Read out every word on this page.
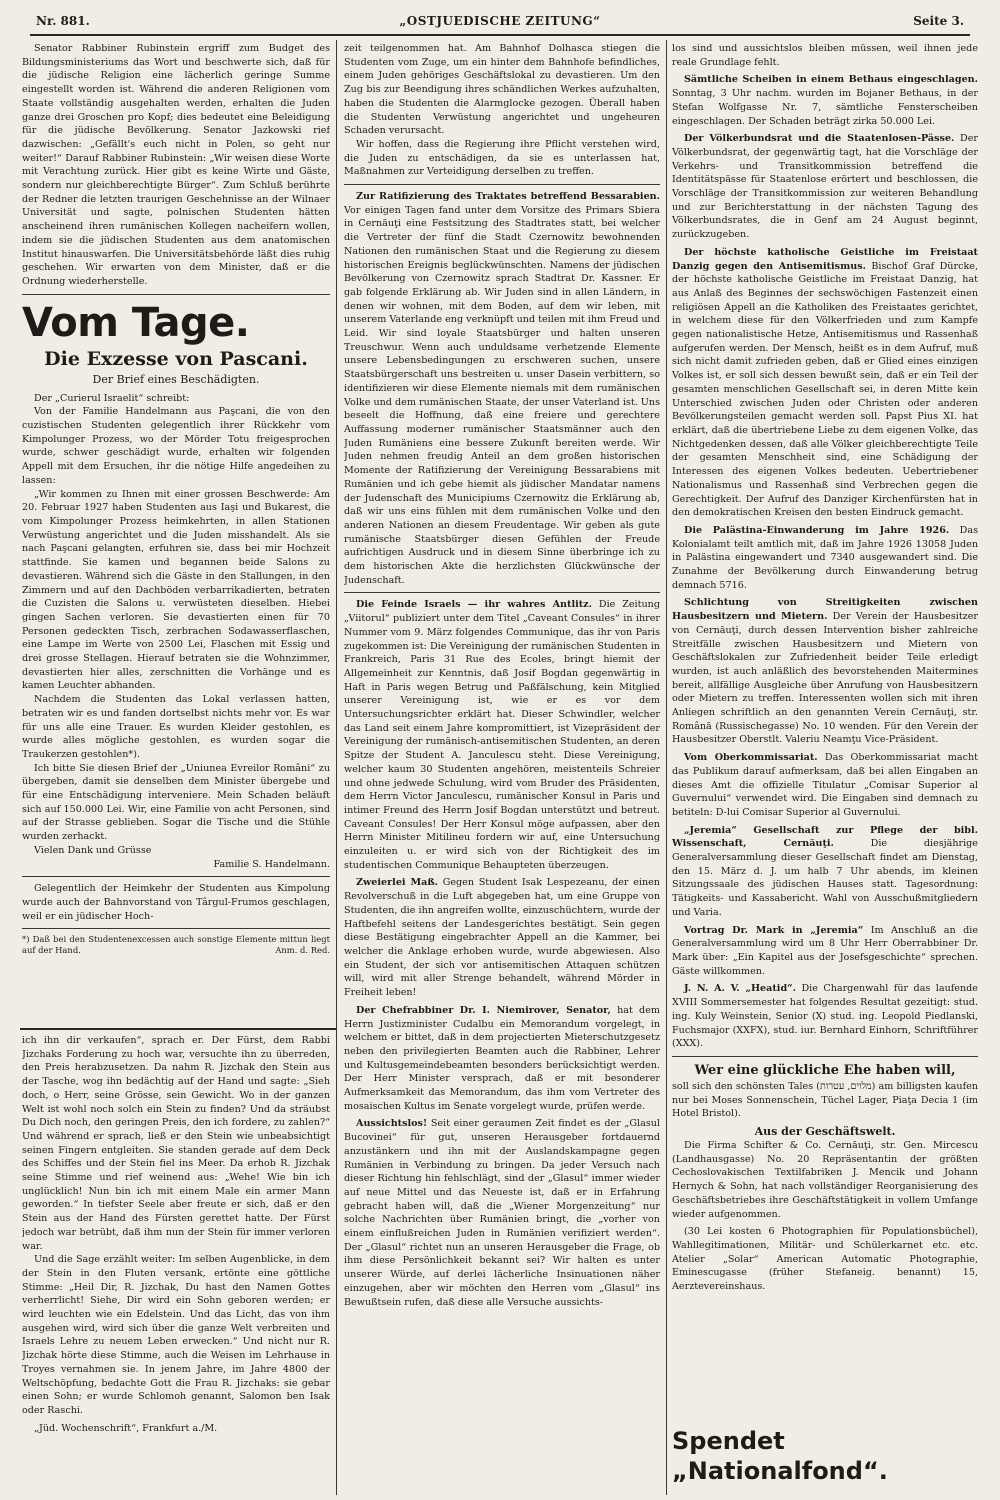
Nr. 881.	„OSTJUEDISCHE ZEITUNG“	Seite 3.

Senator Rabbiner Rubinstein ergriff zum Budget des Bildungsministeriums das Wort und beschwerte sich, daß für die jüdische Religion eine lächerlich geringe Summe eingestellt worden ist. Während die anderen Religionen vom Staate vollständig ausgehalten werden, erhalten die Juden ganze drei Groschen pro Kopf; dies bedeutet eine Beleidigung für die jüdische Bevölkerung. Senator Jazkowski rief dazwischen: „Gefällt's euch nicht in Polen, so geht nur weiter!“ Darauf Rabbiner Rubinstein: „Wir weisen diese Worte mit Verachtung zurück. Hier gibt es keine Wirte und Gäste, sondern nur gleichberechtigte Bürger“. Zum Schluß berührte der Redner die letzten traurigen Geschehnisse an der Wilnaer Universität und sagte, polnischen Studenten hätten anscheinend ihren rumänischen Kollegen nacheifern wollen, indem sie die jüdischen Studenten aus dem anatomischen Institut hinauswarfen. Die Universitätsbehörde läßt dies ruhig geschehen. Wir erwarten von dem Minister, daß er die Ordnung wiederherstelle.

Vom Tage.
Die Exzesse von Pascani.
Der Brief eines Beschädigten.

Der „Curierul Israelit“ schreibt:

Von der Familie Handelmann aus Paşcani, die von den cuzistischen Studenten gelegentlich ihrer Rückkehr vom Kimpolunger Prozess, wo der Mörder Totu freigesprochen wurde, schwer geschädigt wurde, erhalten wir folgenden Appell mit dem Ersuchen, ihr die nötige Hilfe angedeihen zu lassen:

„Wir kommen zu Ihnen mit einer grossen Beschwerde: Am 20. Februar 1927 haben Studenten aus Iaşi und Bukarest, die vom Kimpolunger Prozess heimkehrten, in allen Stationen Verwüstung angerichtet und die Juden misshandelt. Als sie nach Paşcani gelangten, erfuhren sie, dass bei mir Hochzeit stattfinde. Sie kamen und begannen beide Salons zu devastieren. Während sich die Gäste in den Stallungen, in den Zimmern und auf den Dachböden verbarrikadierten, betraten die Cuzisten die Salons u. verwüsteten dieselben. Hiebei gingen Sachen verloren. Sie devastierten einen für 70 Personen gedeckten Tisch, zerbrachen Sodawasserflaschen, eine Lampe im Werte von 2500 Lei, Flaschen mit Essig und drei grosse Stellagen. Hierauf betraten sie die Wohnzimmer, devastierten hier alles, zerschnitten die Vorhänge und es kamen Leuchter abhanden.

Nachdem die Studenten das Lokal verlassen hatten, betraten wir es und fanden dortselbst nichts mehr vor. Es war für uns alle eine Trauer. Es wurden Kleider gestohlen, es wurde alles mögliche gestohlen, es wurden sogar die Traukerzen gestohlen*).

Ich bitte Sie diesen Brief der „Uniunea Evreilor Români“ zu übergeben, damit sie denselben dem Minister übergebe und für eine Entschädigung interveniere. Mein Schaden beläuft sich auf 150.000 Lei. Wir, eine Familie von acht Personen, sind auf der Strasse geblieben. Sogar die Tische und die Stühle wurden zerhackt.

Vielen Dank und Grüsse

Familie S. Handelmann.

Gelegentlich der Heimkehr der Studenten aus Kimpolung wurde auch der Bahnvorstand von Târgul-Frumos geschlagen, weil er ein jüdischer Hoch-

*) Daß bei den Studentenexcessen auch sonstige Elemente mittun liegt auf der Hand.	Anm. d. Red.

ich ihn dir verkaufen“, sprach er. Der Fürst, dem Rabbi Jizchaks Forderung zu hoch war, versuchte ihn zu überreden, den Preis herabzusetzen. Da nahm R. Jizchak den Stein aus der Tasche, wog ihn bedächtig auf der Hand und sagte: „Sieh doch, o Herr, seine Grösse, sein Gewicht. Wo in der ganzen Welt ist wohl noch solch ein Stein zu finden? Und da sträubst Du Dich noch, den geringen Preis, den ich fordere, zu zahlen?“ Und während er sprach, ließ er den Stein wie unbeabsichtigt seinen Fingern entgleiten. Sie standen gerade auf dem Deck des Schiffes und der Stein fiel ins Meer. Da erhob R. Jizchak seine Stimme und rief weinend aus: „Wehe! Wie bin ich unglücklich! Nun bin ich mit einem Male ein armer Mann geworden.“ In tiefster Seele aber freute er sich, daß er den Stein aus der Hand des Fürsten gerettet hatte. Der Fürst jedoch war betrübt, daß ihm nun der Stein für immer verloren war.

Und die Sage erzählt weiter: Im selben Augenblicke, in dem der Stein in den Fluten versank, ertönte eine göttliche Stimme: „Heil Dir, R. Jizchak, Du hast den Namen Gottes verherrlicht! Siehe, Dir wird ein Sohn geboren werden; er wird leuchten wie ein Edelstein. Und das Licht, das von ihm ausgehen wird, wird sich über die ganze Welt verbreiten und Israels Lehre zu neuem Leben erwecken.“ Und nicht nur R. Jizchak hörte diese Stimme, auch die Weisen im Lehrhause in Troyes vernahmen sie. In jenem Jahre, im Jahre 4800 der Weltschöpfung, bedachte Gott die Frau R. Jizchaks: sie gebar einen Sohn; er wurde Schlomoh genannt, Salomon ben Isak oder Raschi.

„Jüd. Wochenschrift“, Frankfurt a./M.

zeit teilgenommen hat. Am Bahnhof Dolhasca stiegen die Studenten vom Zuge, um ein hinter dem Bahnhofe befindliches, einem Juden gehöriges Geschäftslokal zu devastieren. Um den Zug bis zur Beendigung ihres schändlichen Werkes aufzuhalten, haben die Studenten die Alarmglocke gezogen. Überall haben die Studenten Verwüstung angerichtet und ungeheuren Schaden verursacht.

Wir hoffen, dass die Regierung ihre Pflicht verstehen wird, die Juden zu entschädigen, da sie es unterlassen hat, Maßnahmen zur Verteidigung derselben zu treffen.

Zur Ratifizierung des Traktates betreffend Bessarabien. Vor einigen Tagen fand unter dem Vorsitze des Primars Sbiera in Cernăuţi eine Festsitzung des Stadtrates statt, bei welcher die Vertreter der fünf die Stadt Czernowitz bewohnenden Nationen den rumänischen Staat und die Regierung zu diesem historischen Ereignis beglückwünschten. Namens der jüdischen Bevölkerung von Czernowitz sprach Stadtrat Dr. Kassner. Er gab folgende Erklärung ab. Wir Juden sind in allen Ländern, in denen wir wohnen, mit dem Boden, auf dem wir leben, mit unserem Vaterlande eng verknüpft und teilen mit ihm Freud und Leid. Wir sind loyale Staatsbürger und halten unseren Treuschwur. Wenn auch unduldsame verhetzende Elemente unsere Lebensbedingungen zu erschweren suchen, unsere Staatsbürgerschaft uns bestreiten u. unser Dasein verbittern, so identifizieren wir diese Elemente niemals mit dem rumänischen Volke und dem rumänischen Staate, der unser Vaterland ist. Uns beseelt die Hoffnung, daß eine freiere und gerechtere Auffassung moderner rumänischer Staatsmänner auch den Juden Rumäniens eine bessere Zukunft bereiten werde. Wir Juden nehmen freudig Anteil an dem großen historischen Momente der Ratifizierung der Vereinigung Bessarabiens mit Rumänien und ich gebe hiemit als jüdischer Mandatar namens der Judenschaft des Municipiums Czernowitz die Erklärung ab, daß wir uns eins fühlen mit dem rumänischen Volke und den anderen Nationen an diesem Freudentage. Wir geben als gute rumänische Staatsbürger diesen Gefühlen der Freude aufrichtigen Ausdruck und in diesem Sinne überbringe ich zu dem historischen Akte die herzlichsten Glückwünsche der Judenschaft.

Die Feinde Israels — ihr wahres Antlitz. Die Zeitung „Viitorul“ publiziert unter dem Titel „Caveant Consules“ in ihrer Nummer vom 9. März folgendes Communique, das ihr von Paris zugekommen ist: Die Vereinigung der rumänischen Studenten in Frankreich, Paris 31 Rue des Ecoles, bringt hiemit der Allgemeinheit zur Kenntnis, daß Josif Bogdan gegenwärtig in Haft in Paris wegen Betrug und Paßfälschung, kein Mitglied unserer Vereinigung ist, wie er es vor dem Untersuchungsrichter erklärt hat. Dieser Schwindler, welcher das Land seit einem Jahre kompromittiert, ist Vizepräsident der Vereinigung der rumänisch-antisemitischen Studenten, an deren Spitze der Student A. Janculescu steht. Diese Vereinigung, welcher kaum 30 Studenten angehören, meistenteils Schreier und ohne jedwede Schulung, wird vom Bruder des Präsidenten, dem Herrn Victor Janculescu, rumänischer Konsul in Paris und intimer Freund des Herrn Josif Bogdan unterstützt und betreut. Caveant Consules! Der Herr Konsul möge aufpassen, aber den Herrn Minister Mitilineu fordern wir auf, eine Untersuchung einzuleiten u. er wird sich von der Richtigkeit des im studentischen Communique Behaupteten überzeugen.

Zweierlei Maß. Gegen Student Isak Lespezeanu, der einen Revolverschuß in die Luft abgegeben hat, um eine Gruppe von Studenten, die ihn angreifen wollte, einzuschüchtern, wurde der Haftbefehl seitens der Landesgerichtes bestätigt. Sein gegen diese Bestätigung eingebrachter Appell an die Kammer, bei welcher die Anklage erhoben wurde, wurde abgewiesen. Also ein Student, der sich vor antisemitischen Attaquen schützen will, wird mit aller Strenge behandelt, während Mörder in Freiheit leben!

Der Chefrabbiner Dr. I. Niemirover, Senator, hat dem Herrn Justizminister Cudalbu ein Memorandum vorgelegt, in welchem er bittet, daß in dem projectierten Mieterschutzgesetz neben den privilegierten Beamten auch die Rabbiner, Lehrer und Kultusgemeindebeamten besonders berücksichtigt werden. Der Herr Minister versprach, daß er mit besonderer Aufmerksamkeit das Memorandum, das ihm vom Vertreter des mosaischen Kultus im Senate vorgelegt wurde, prüfen werde.

Aussichtslos! Seit einer geraumen Zeit findet es der „Glasul Bucovinei“ für gut, unseren Herausgeber fortdauernd anzustänkern und ihn mit der Auslandskampagne gegen Rumänien in Verbindung zu bringen. Da jeder Versuch nach dieser Richtung hin fehlschlägt, sind der „Glasul“ immer wieder auf neue Mittel und das Neueste ist, daß er in Erfahrung gebracht haben will, daß die „Wiener Morgenzeitung“ nur solche Nachrichten über Rumänien bringt, die „vorher von einem einflußreichen Juden in Rumänien verifiziert werden“. Der „Glasul“ richtet nun an unseren Herausgeber die Frage, ob ihm diese Persönlichkeit bekannt sei? Wir halten es unter unserer Würde, auf derlei lächerliche Insinuationen näher einzugehen, aber wir möchten den Herren vom „Glasul“ ins Bewußtsein rufen, daß diese alle Versuche aussichts-

los sind und aussichtslos bleiben müssen, weil ihnen jede reale Grundlage fehlt.

Sämtliche Scheiben in einem Bethaus eingeschlagen. Sonntag, 3 Uhr nachm. wurden im Bojaner Bethaus, in der Stefan Wolfgasse Nr. 7, sämtliche Fensterscheiben eingeschlagen. Der Schaden beträgt zirka 50.000 Lei.

Der Völkerbundsrat und die Staatenlosen-Pässe. Der Völkerbundsrat, der gegenwärtig tagt, hat die Vorschläge der Verkehrs- und Transitkommission betreffend die Identitätspässe für Staatenlose erörtert und beschlossen, die Vorschläge der Transitkommission zur weiteren Behandlung und zur Berichterstattung in der nächsten Tagung des Völkerbundsrates, die in Genf am 24 August beginnt, zurückzugeben.

Der höchste katholische Geistliche im Freistaat Danzig gegen den Antisemitismus. Bischof Graf Dürcke, der höchste katholische Geistliche im Freistaat Danzig, hat aus Anlaß des Beginnes der sechswöchigen Fastenzeit einen religiösen Appell an die Katholiken des Freistaates gerichtet, in welchem diese für den Völkerfrieden und zum Kampfe gegen nationalistische Hetze, Antisemitismus und Rassenhaß aufgerufen werden. Der Mensch, heißt es in dem Aufruf, muß sich nicht damit zufrieden geben, daß er Glied eines einzigen Volkes ist, er soll sich dessen bewußt sein, daß er ein Teil der gesamten menschlichen Gesellschaft sei, in deren Mitte kein Unterschied zwischen Juden oder Christen oder anderen Bevölkerungsteilen gemacht werden soll. Papst Pius XI. hat erklärt, daß die übertriebene Liebe zu dem eigenen Volke, das Nichtgedenken dessen, daß alle Völker gleichberechtigte Teile der gesamten Menschheit sind, eine Schädigung der Interessen des eigenen Volkes bedeuten. Uebertriebener Nationalismus und Rassenhaß sind Verbrechen gegen die Gerechtigkeit. Der Aufruf des Danziger Kirchenfürsten hat in den demokratischen Kreisen den besten Eindruck gemacht.

Die Palästina-Einwanderung im Jahre 1926. Das Kolonialamt teilt amtlich mit, daß im Jahre 1926 13058 Juden in Palästina eingewandert und 7340 ausgewandert sind. Die Zunahme der Bevölkerung durch Einwanderung betrug demnach 5716.

Schlichtung von Streitigkeiten zwischen Hausbesitzern und Mietern. Der Verein der Hausbesitzer von Cernăuţi, durch dessen Intervention bisher zahlreiche Streitfälle zwischen Hausbesitzern und Mietern von Geschäftslokalen zur Zufriedenheit beider Teile erledigt wurden, ist auch anläßlich des bevorstehenden Maitermines bereit, allfällige Ausgleiche über Anrufung von Hausbesitzern oder Mietern zu treffen. Interessenten wollen sich mit ihren Anliegen schriftlich an den genannten Verein Cernăuţi, str. Română (Russischegasse) No. 10 wenden. Für den Verein der Hausbesitzer Oberstlt. Valeriu Neamţu Vice-Präsident.

Vom Oberkommissariat. Das Oberkommissariat macht das Publikum darauf aufmerksam, daß bei allen Eingaben an dieses Amt die offizielle Titulatur „Comisar Superior al Guvernului“ verwendet wird. Die Eingaben sind demnach zu betiteln: D-lui Comisar Superior al Guvernului.

„Jeremia“ Gesellschaft zur Pflege der bibl. Wissenschaft, Cernăuţi.	Die diesjährige Generalversammlung dieser Gesellschaft findet am Dienstag, den 15. März d. J. um halb 7 Uhr abends, im kleinen Sitzungssaale des jüdischen Hauses statt. Tagesordnung: Tätigkeits- und Kassabericht. Wahl von Ausschußmitgliedern und Varia.

Vortrag Dr. Mark in „Jeremia“ Im Anschluß an die Generalversammlung wird um 8 Uhr Herr Oberrabbiner Dr. Mark über: „Ein Kapitel aus der Josefsgeschichte“ sprechen. Gäste willkommen.

J. N. A. V. „Heatid“. Die Chargenwahl für das laufende XVIII Sommersemester hat folgendes Resultat gezeitigt: stud. ing. Kuly Weinstein, Senior (X) stud. ing. Leopold Piedlanski, Fuchsmajor (XXFX), stud. iur. Bernhard Einhorn, Schriftführer (XXX).

Wer eine glückliche Ehe haben will,

soll sich den schönsten Tales (מלוים, עטרות) am billigsten kaufen nur bei Moses Sonnenschein, Tüchel Lager, Piaţa Decia 1 (im Hotel Bristol).

Aus der Geschäftswelt.

Die Firma Schifter & Co. Cernăuţi, str. Gen. Mircescu (Landhausgasse) No. 20 Repräsentantin der größten Cechoslovakischen Textilfabriken J. Mencik und Johann Hernych & Sohn, hat nach vollständiger Reorganisierung des Geschäftsbetriebes ihre Geschäftstätigkeit in vollem Umfange wieder aufgenommen.

(30 Lei kosten 6 Photographien für Populationsbüchel), Wahllegitimationen, Militär- und Schülerkarnet etc. etc. Atelier „Solar“ American Automatic Photographie, Eminescugasse (früher Stefaneig. benannt) 15, Aerztevereinshaus.

Spendet „Nationalfond“.
